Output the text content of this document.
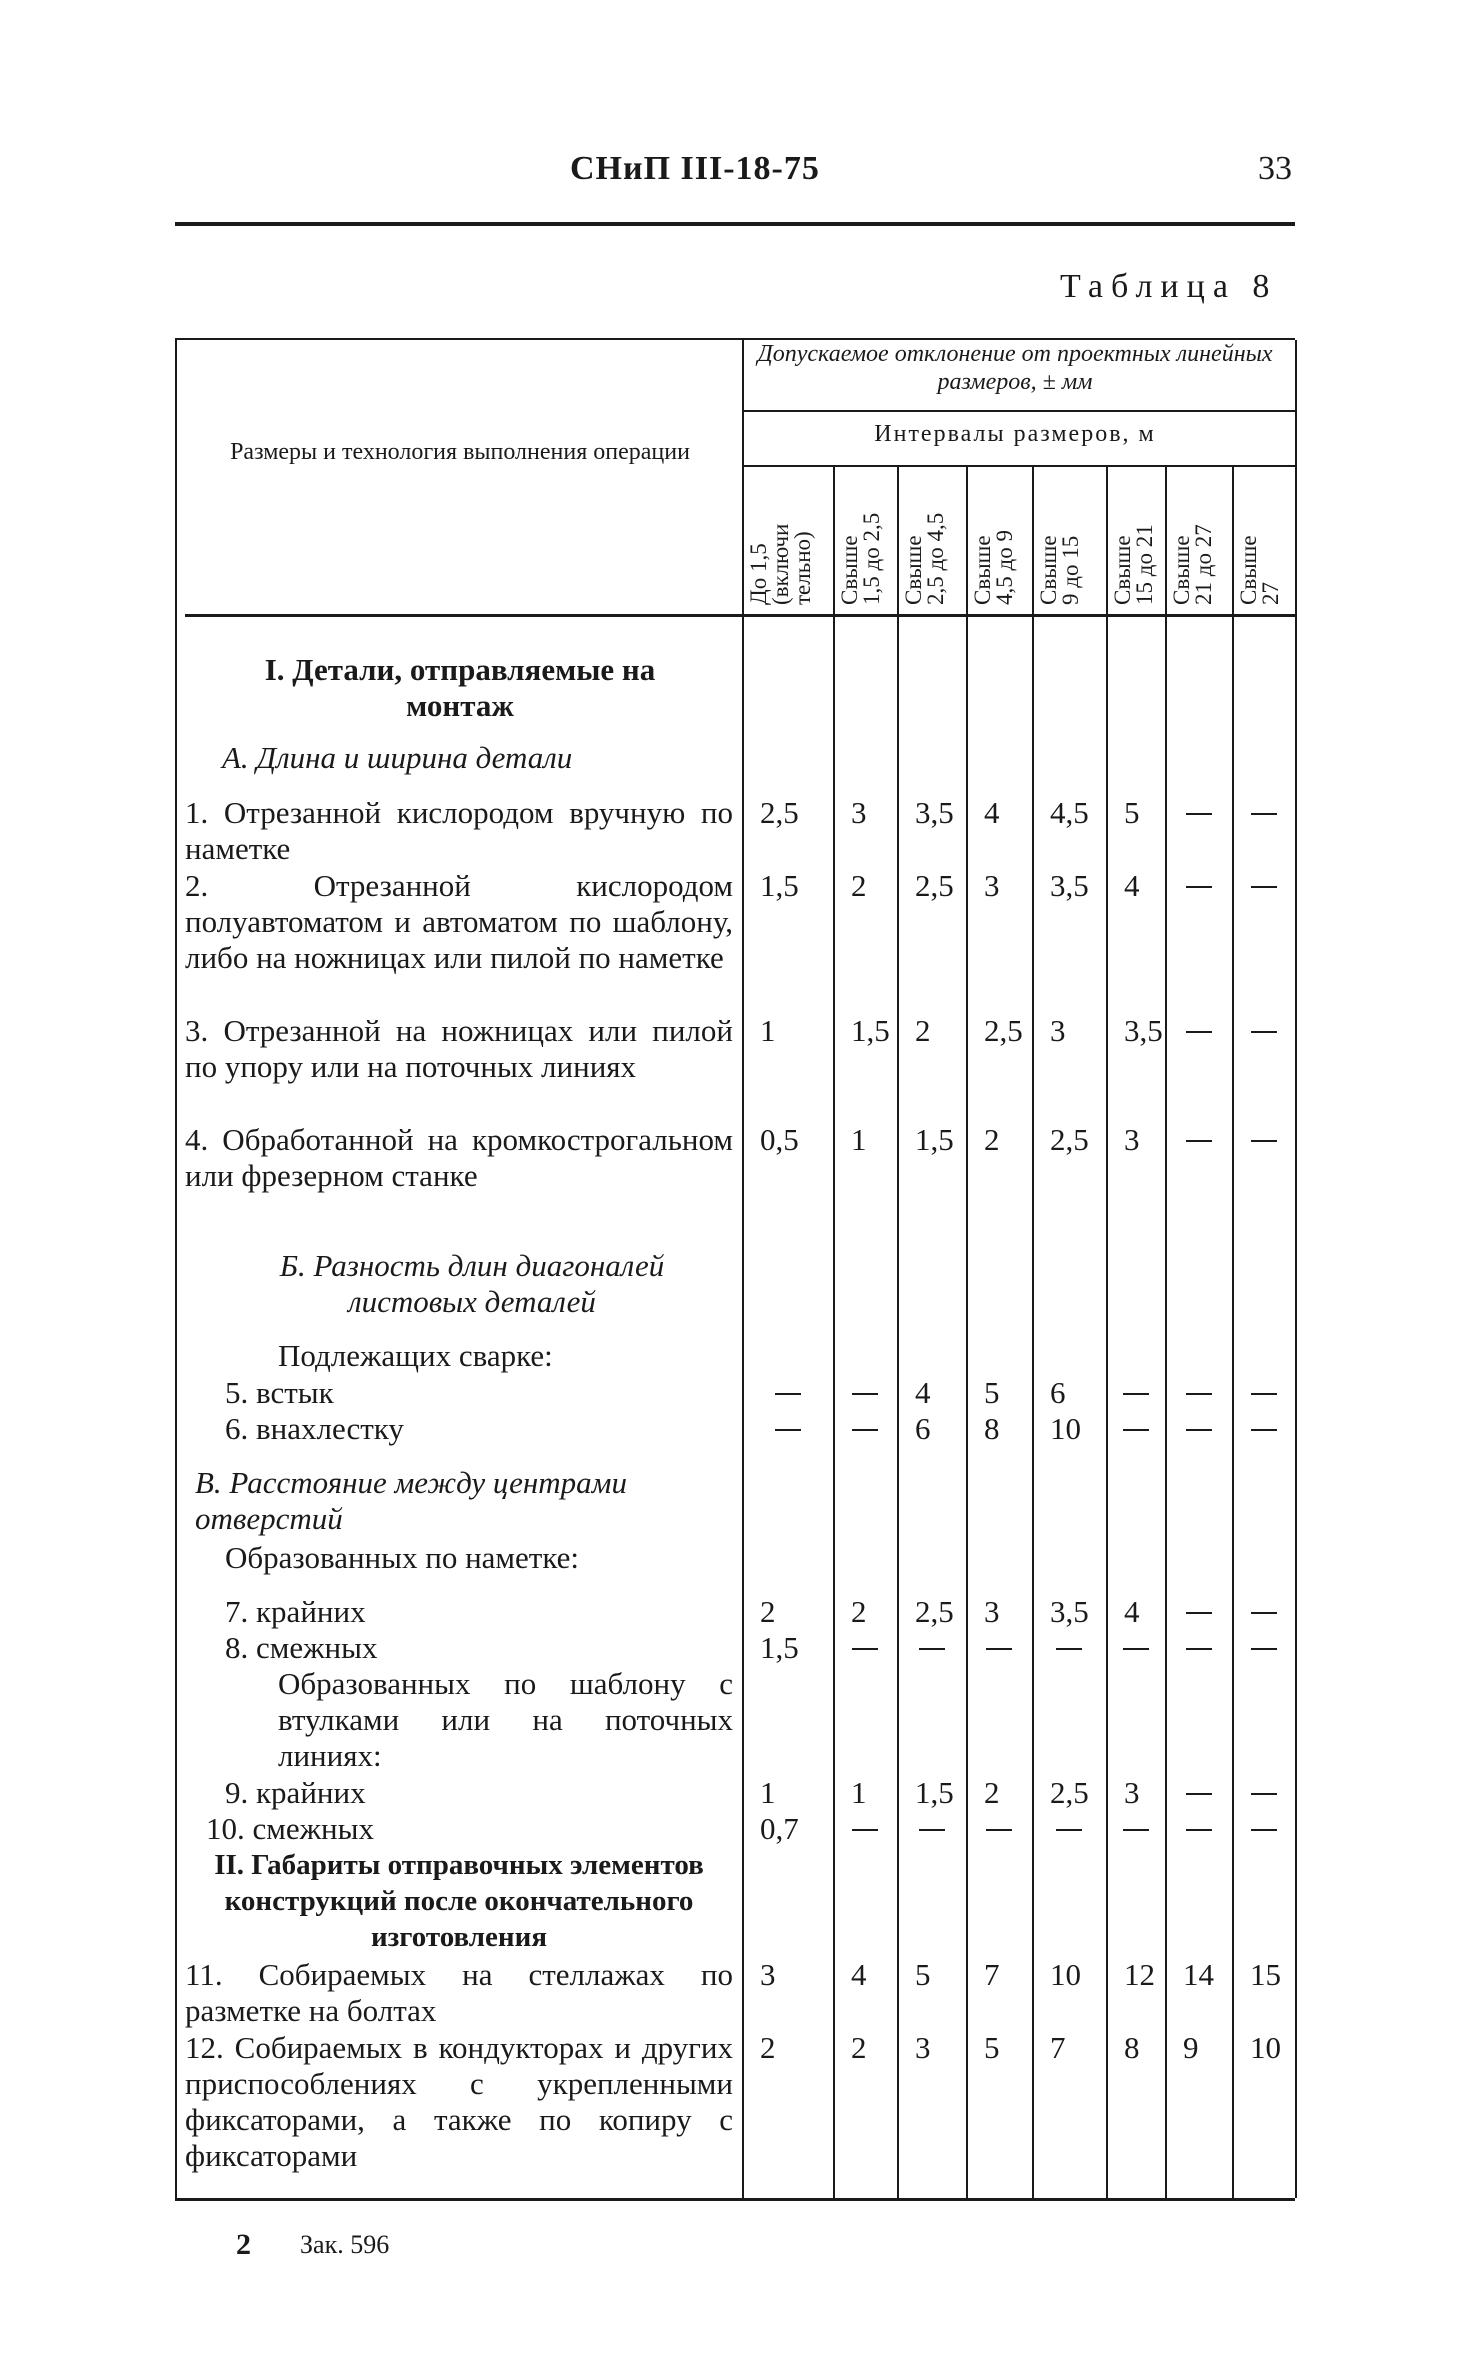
СНиП III-18-75	33
Таблица 8
Допускаемое отклонение от проектных линейных размеров, ± мм
Интервалы размеров, м
Размеры и технология выполнения операции
До 1,5
(включи
тельно) Свыше
1,5 до 2,5 Свыше
2,5 до 4,5 Свыше
4,5 до 9 Свыше
9 до 15 Свыше
15 до 21 Свыше
21 до 27 Свыше
27
I. Детали, отправляемые на монтаж
А. Длина и ширина детали
1. Отрезанной кислородом вручную по наметке
2. Отрезанной кислородом полуавтоматом и автоматом по шаблону, либо на ножницах или пилой по наметке
3. Отрезанной на ножницах или пилой по упору или на поточных линиях
4. Обработанной на кромкострогальном или фрезерном станке
Б. Разность длин диагоналей листовых деталей
Подлежащих сварке:
5. встык
6. внахлестку
В. Расстояние между центрами отверстий
Образованных по наметке:
7. крайних
8. смежных
Образованных по шаблону с втулками или на поточных линиях:
9. крайних
10. смежных
II. Габариты отправочных элементов конструкций после окончательного изготовления
11. Собираемых на стеллажах по разметке на болтах
12. Собираемых в кондукторах и других приспособлениях с укрепленными фиксаторами, а также по копиру с фиксаторами
2,5 3 3,5 4 4,5 5
1,5 2 2,5 3 3,5 4
1 1,5 2 2,5 3 3,5
0,5 1 1,5 2 2,5 3
4 5 6
6 8 10
2 2 2,5 3 3,5 4
1,5
1 1 1,5 2 2,5 3
0,7
3 4 5 7 10 12 14 15
2 2 3 5 7 8 9 10
2 Зак. 596
